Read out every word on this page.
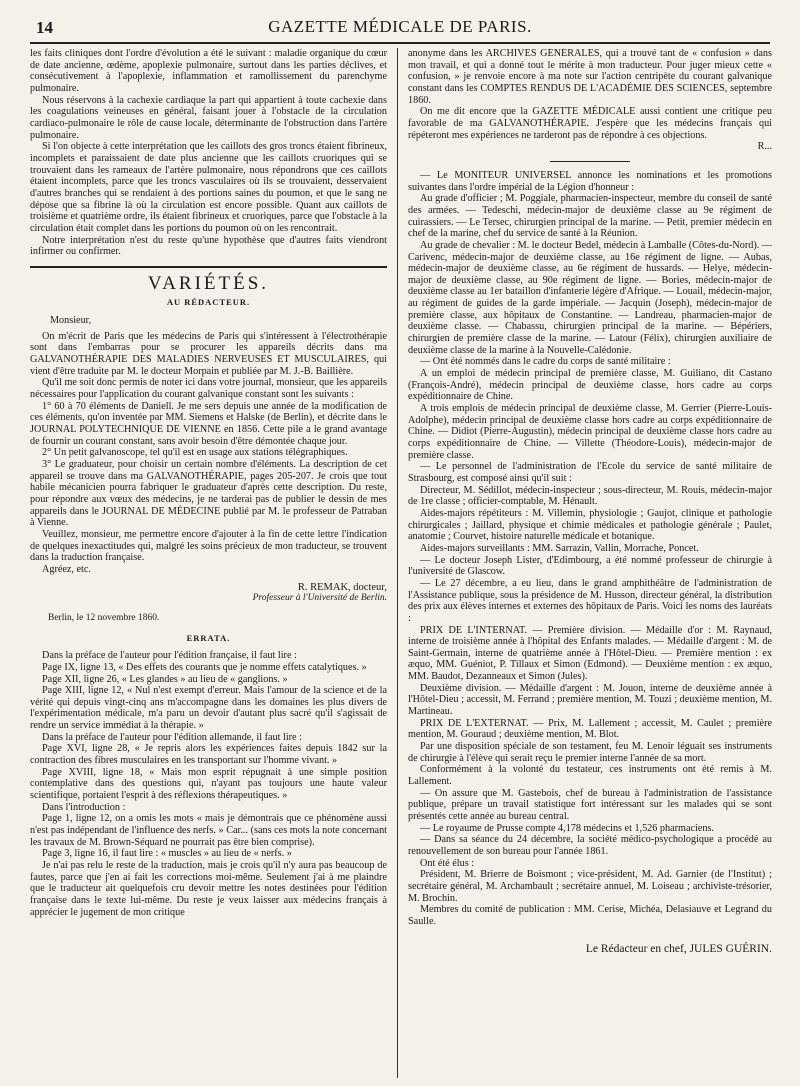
14	GAZETTE MÉDICALE DE PARIS.

les faits cliniques dont l'ordre d'évolution a été le suivant : maladie organique du cœur de date ancienne, œdème, apoplexie pulmonaire, surtout dans les parties déclives, et consécutivement à l'apoplexie, inflammation et ramollissement du parenchyme pulmonaire.

Nous réservons à la cachexie cardiaque la part qui appartient à toute cachexie dans les coagulations veineuses en général, faisant jouer à l'obstacle de la circulation cardiaco-pulmonaire le rôle de cause locale, déterminante de l'obstruction dans l'artère pulmonaire.

Si l'on objecte à cette interprétation que les caillots des gros troncs étaient fibrineux, incomplets et paraissaient de date plus ancienne que les caillots cruoriques qui se trouvaient dans les rameaux de l'artère pulmonaire, nous répondrons que ces caillots étaient incomplets, parce que les troncs vasculaires où ils se trouvaient, desservaient d'autres branches qui se rendaient à des portions saines du poumon, et que le sang ne dépose que sa fibrine là où la circulation est encore possible. Quant aux caillots de troisième et quatrième ordre, ils étaient fibrineux et cruoriques, parce que l'obstacle à la circulation était complet dans les portions du poumon où on les rencontrait.

Notre interprétation n'est du reste qu'une hypothèse que d'autres faits viendront infirmer ou confirmer.

VARIÉTÉS.
AU RÉDACTEUR.
Monsieur,

On m'écrit de Paris que les médecins de Paris qui s'intéressent à l'électrothérapie sont dans l'embarras pour se procurer les appareils décrits dans ma GALVANOTHÉRAPIE DES MALADIES NERVEUSES ET MUSCULAIRES, qui vient d'être traduite par M. le docteur Morpain et publiée par M. J.-B. Baillière.

Qu'il me soit donc permis de noter ici dans votre journal, monsieur, que les appareils nécessaires pour l'application du courant galvanique constant sont les suivants :

1° 60 à 70 éléments de Daniell. Je me sers depuis une année de la modification de ces éléments, qu'on inventée par MM. Siemens et Halske (de Berlin), et décrite dans le JOURNAL POLYTECHNIQUE DE VIENNE en 1856. Cette pile a le grand avantage de fournir un courant constant, sans avoir besoin d'être démontée chaque jour.

2° Un petit galvanoscope, tel qu'il est en usage aux stations télégraphiques.

3° Le graduateur, pour choisir un certain nombre d'éléments. La description de cet appareil se trouve dans ma GALVANOTHÉRAPIE, pages 205-207. Je crois que tout habile mécanicien pourra fabriquer le graduateur d'après cette description. Du reste, pour répondre aux vœux des médecins, je ne tarderai pas de publier le dessin de mes appareils dans le JOURNAL DE MÉDECINE publié par M. le professeur de Patraban à Vienne.

Veuillez, monsieur, me permettre encore d'ajouter à la fin de cette lettre l'indication de quelques inexactitudes qui, malgré les soins précieux de mon traducteur, se trouvent dans la traduction française.

Agréez, etc.

R. REMAK, docteur,
Professeur à l'Université de Berlin.
Berlin, le 12 novembre 1860.
ERRATA.

Dans la préface de l'auteur pour l'édition française, il faut lire :

Page IX, ligne 13, « Des effets des courants que je nomme effets catalytiques. »

Page XII, ligne 26, « Les glandes » au lieu de « ganglions. »

Page XIII, ligne 12, « Nul n'est exempt d'erreur. Mais l'amour de la science et de la vérité qui depuis vingt-cinq ans m'accompagne dans les domaines les plus divers de l'expérimentation médicale, m'a paru un devoir d'autant plus sacré qu'il s'agissait de rendre un service immédiat à la thérapie. »

Dans la préface de l'auteur pour l'édition allemande, il faut lire :

Page XVI, ligne 28, « Je repris alors les expériences faites depuis 1842 sur la contraction des fibres musculaires en les transportant sur l'homme vivant. »

Page XVIII, ligne 18, « Mais mon esprit répugnait à une simple position contemplative dans des questions qui, n'ayant pas toujours une haute valeur scientifique, portaient l'esprit à des réflexions thérapeutiques. »

Dans l'introduction :

Page 1, ligne 12, on a omis les mots « mais je démontrais que ce phénomène aussi n'est pas indépendant de l'influence des nerfs. » Car... (sans ces mots la note concernant les travaux de M. Brown-Séquard ne pourrait pas être bien comprise).

Page 3, ligne 16, il faut lire : « muscles » au lieu de « nerfs. »

Je n'ai pas relu le reste de la traduction, mais je crois qu'il n'y aura pas beaucoup de fautes, parce que j'en ai fait les corrections moi-même. Seulement j'ai à me plaindre que le traducteur ait quelquefois cru devoir mettre les notes destinées pour l'édition française dans le texte lui-même. Du reste je veux laisser aux médecins français à apprécier le jugement de mon critique

anonyme dans les ARCHIVES GÉNÉRALES, qui a trouvé tant de « confusion » dans mon travail, et qui a donné tout le mérite à mon traducteur. Pour juger mieux cette « confusion, » je renvoie encore à ma note sur l'action centripète du courant galvanique constant dans les COMPTES RENDUS DE L'ACADÉMIE DES SCIENCES, septembre 1860.

On me dit encore que la GAZETTE MÉDICALE aussi contient une critique peu favorable de ma GALVANOTHÉRAPIE. J'espère que les médecins français qui répéteront mes expériences ne tarderont pas de répondre à ces objections.

R...

— Le MONITEUR UNIVERSEL annonce les nominations et les promotions suivantes dans l'ordre impérial de la Légion d'honneur :

Au grade d'officier ; M. Poggiale, pharmacien-inspecteur, membre du conseil de santé des armées. — Tedeschi, médecin-major de deuxième classe au 9e régiment de cuirassiers. — Le Tersec, chirurgien principal de la marine. — Petit, premier médecin en chef de la marine, chef du service de santé à la Réunion.

Au grade de chevalier : M. le docteur Bedel, médecin à Lamballe (Côtes-du-Nord). — Carivenc, médecin-major de deuxième classe, au 16e régiment de ligne. — Aubas, médecin-major de deuxième classe, au 6e régiment de hussards. — Helye, médecin-major de deuxième classe, au 90e régiment de ligne. — Bories, médecin-major de deuxième classe au 1er bataillon d'infanterie légère d'Afrique. — Louail, médecin-major, au régiment de guides de la garde impériale. — Jacquin (Joseph), médecin-major de première classe, aux hôpitaux de Constantine. — Landreau, pharmacien-major de deuxième classe. — Chabassu, chirurgien principal de la marine. — Bépériers, chirurgien de première classe de la marine. — Latour (Félix), chirurgien auxiliaire de deuxième classe de la marine à la Nouvelle-Calédonie.

— Ont été nommés dans le cadre du corps de santé militaire :

A un emploi de médecin principal de première classe, M. Guiliano, dit Castano (François-André), médecin principal de deuxième classe, hors cadre au corps expéditionnaire de Chine.

A trois emplois de médecin principal de deuxième classe, M. Gerrier (Pierre-Louis-Adolphe), médecin principal de deuxième classe hors cadre au corps expéditionnaire de Chine. — Didiot (Pierre-Augustin), médecin principal de deuxième classe hors cadre au corps expéditionnaire de Chine. — Villette (Théodore-Louis), médecin-major de première classe.

— Le personnel de l'administration de l'Ecole du service de santé militaire de Strasbourg, est composé ainsi qu'il suit :

Directeur, M. Sédillot, médecin-inspecteur ; sous-directeur, M. Rouis, médecin-major de 1re classe ; officier-comptable, M. Hénault.

Aides-majors répétiteurs : M. Villemin, physiologie ; Gaujot, clinique et pathologie chirurgicales ; Jaillard, physique et chimie médicales et pathologie générale ; Paulet, anatomie ; Courvet, histoire naturelle médicale et botanique.

Aides-majors surveillants : MM. Sarrazin, Vallin, Morrache, Poncet.

— Le docteur Joseph Lister, d'Edimbourg, a été nommé professeur de chirurgie à l'université de Glascow.

— Le 27 décembre, a eu lieu, dans le grand amphithéâtre de l'administration de l'Assistance publique, sous la présidence de M. Husson, directeur général, la distribution des prix aux élèves internes et externes des hôpitaux de Paris. Voici les noms des lauréats :

PRIX DE L'INTERNAT. — Première division. — Médaille d'or : M. Raynaud, interne de troisième année à l'hôpital des Enfants malades. — Médaille d'argent : M. de Saint-Germain, interne de quatrième année à l'Hôtel-Dieu. — Première mention : ex æquo, MM. Guéniot, P. Tillaux et Simon (Edmond). — Deuxième mention : ex æquo, MM. Baudot, Dezanneaux et Simon (Jules).

Deuxième division. — Médaille d'argent : M. Jouon, interne de deuxième année à l'Hôtel-Dieu ; accessit, M. Ferrand ; première mention, M. Touzi ; deuxième mention, M. Martineau.

PRIX DE L'EXTERNAT. — Prix, M. Lallement ; accessit, M. Caulet ; première mention, M. Gouraud ; deuxième mention, M. Blot.

Par une disposition spéciale de son testament, feu M. Lenoir léguait ses instruments de chirurgie à l'élève qui serait reçu le premier interne l'année de sa mort.

Conformément à la volonté du testateur, ces instruments ont été remis à M. Lallement.

— On assure que M. Gastebois, chef de bureau à l'administration de l'assistance publique, prépare un travail statistique fort intéressant sur les malades qui se sont présentés cette année au bureau central.

— Le royaume de Prusse compte 4,178 médecins et 1,526 pharmaciens.

— Dans sa séance du 24 décembre, la société médico-psychologique a procédé au renouvellement de son bureau pour l'année 1861.

Ont été élus :

Président, M. Brierre de Boismont ; vice-président, M. Ad. Garnier (de l'Institut) ; secrétaire général, M. Archambault ; secrétaire annuel, M. Loiseau ; archiviste-trésorier, M. Brochin.

Membres du comité de publication : MM. Cerise, Michéa, Delasiauve et Legrand du Saulle.

Le Rédacteur en chef, JULES GUÉRIN.
